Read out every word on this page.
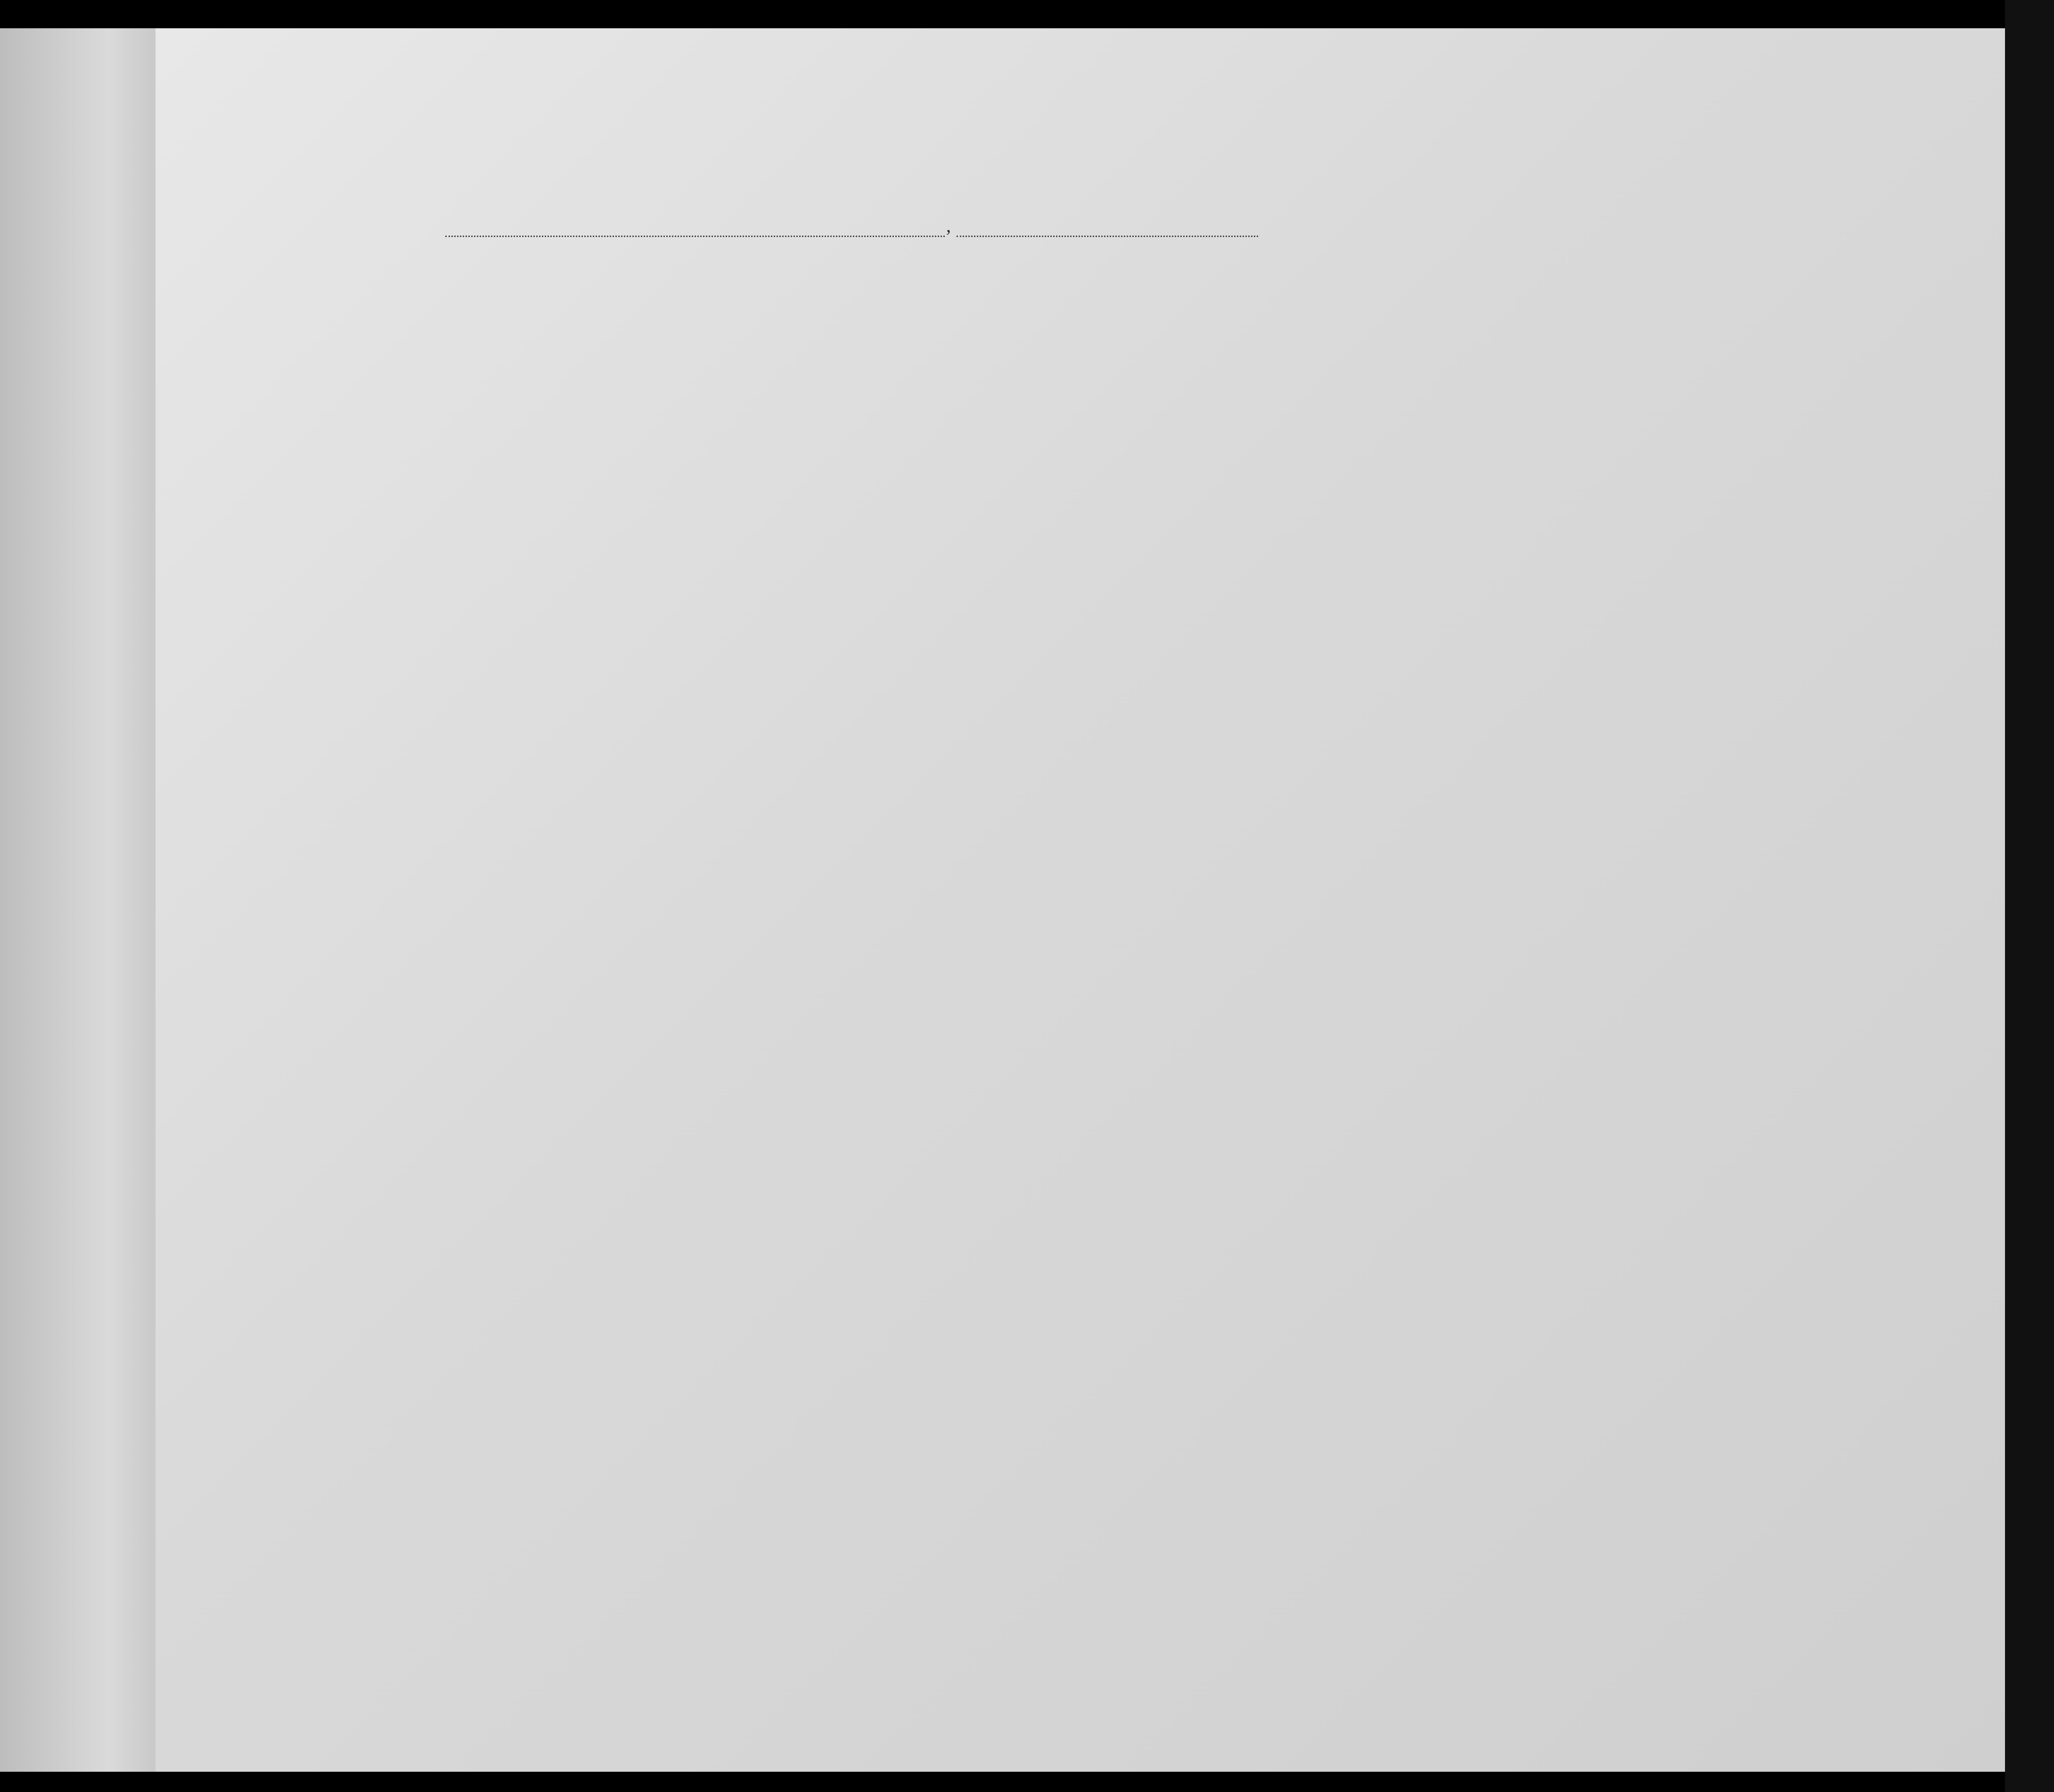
,
